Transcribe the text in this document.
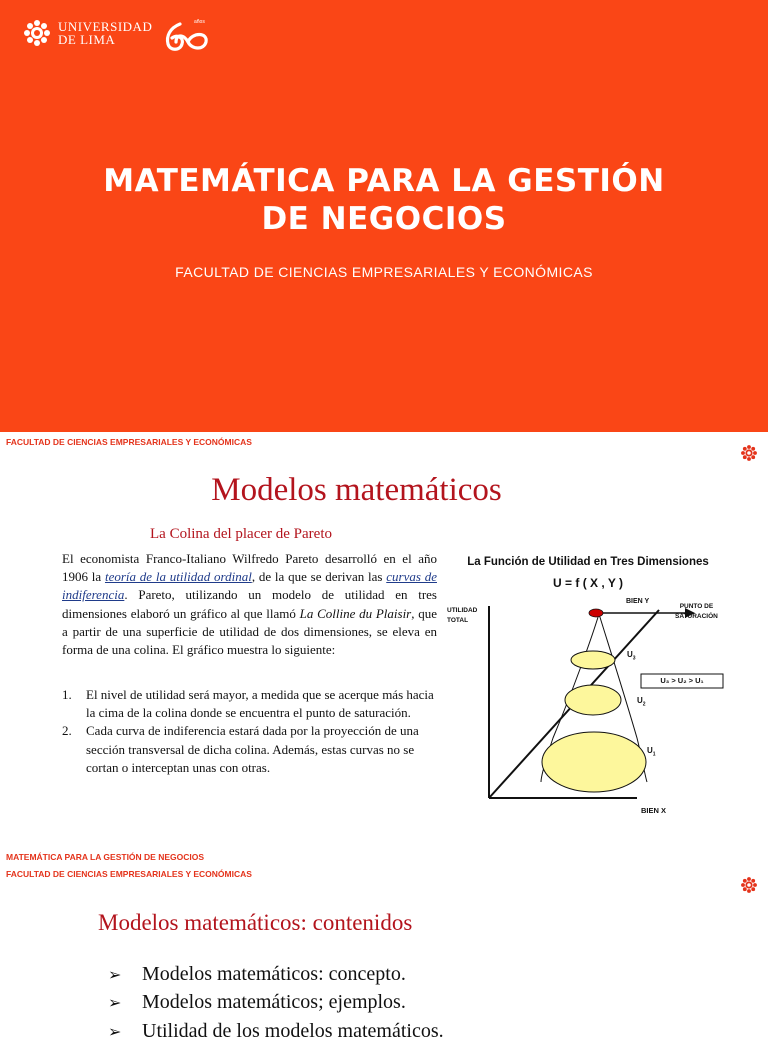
UNIVERSIDAD
DE LIMA
años
MATEMÁTICA PARA LA GESTIÓN
DE NEGOCIOS
FACULTAD DE CIENCIAS EMPRESARIALES Y ECONÓMICAS
FACULTAD DE CIENCIAS EMPRESARIALES Y ECONÓMICAS
Modelos matemáticos
La Colina del placer de Pareto

El economista Franco-Italiano Wilfredo Pareto desarrolló en el año 1906 la teoría de la utilidad ordinal, de la que se derivan las curvas de indiferencia. Pareto, utilizando un modelo de utilidad en tres dimensiones elaboró un gráfico al que llamó La Colline du Plaisir, que a partir de una superficie de utilidad de dos dimensiones, se eleva en forma de una colina. El gráfico muestra lo siguiente:

1.	El nivel de utilidad será mayor, a medida que se acerque más hacia la cima de la colina donde se encuentra el punto de saturación.
2.	Cada curva de indiferencia estará dada por la proyección de una sección transversal de dicha colina. Además, estas curvas no se cortan o interceptan unas con otras.
La Función de Utilidad en Tres Dimensiones
U = f ( X , Y )
UTILIDAD
TOTAL
BIEN Y
PUNTO DE
SATURACIÓN
$U_3$
$U_2$
$U_1$
U₃ > U₂ > U₁
BIEN X
MATEMÁTICA PARA LA GESTIÓN DE NEGOCIOS
FACULTAD DE CIENCIAS EMPRESARIALES Y ECONÓMICAS
Modelos matemáticos: contenidos
➢	Modelos matemáticos: concepto.
➢	Modelos matemáticos; ejemplos.
➢	Utilidad de los modelos matemáticos.
